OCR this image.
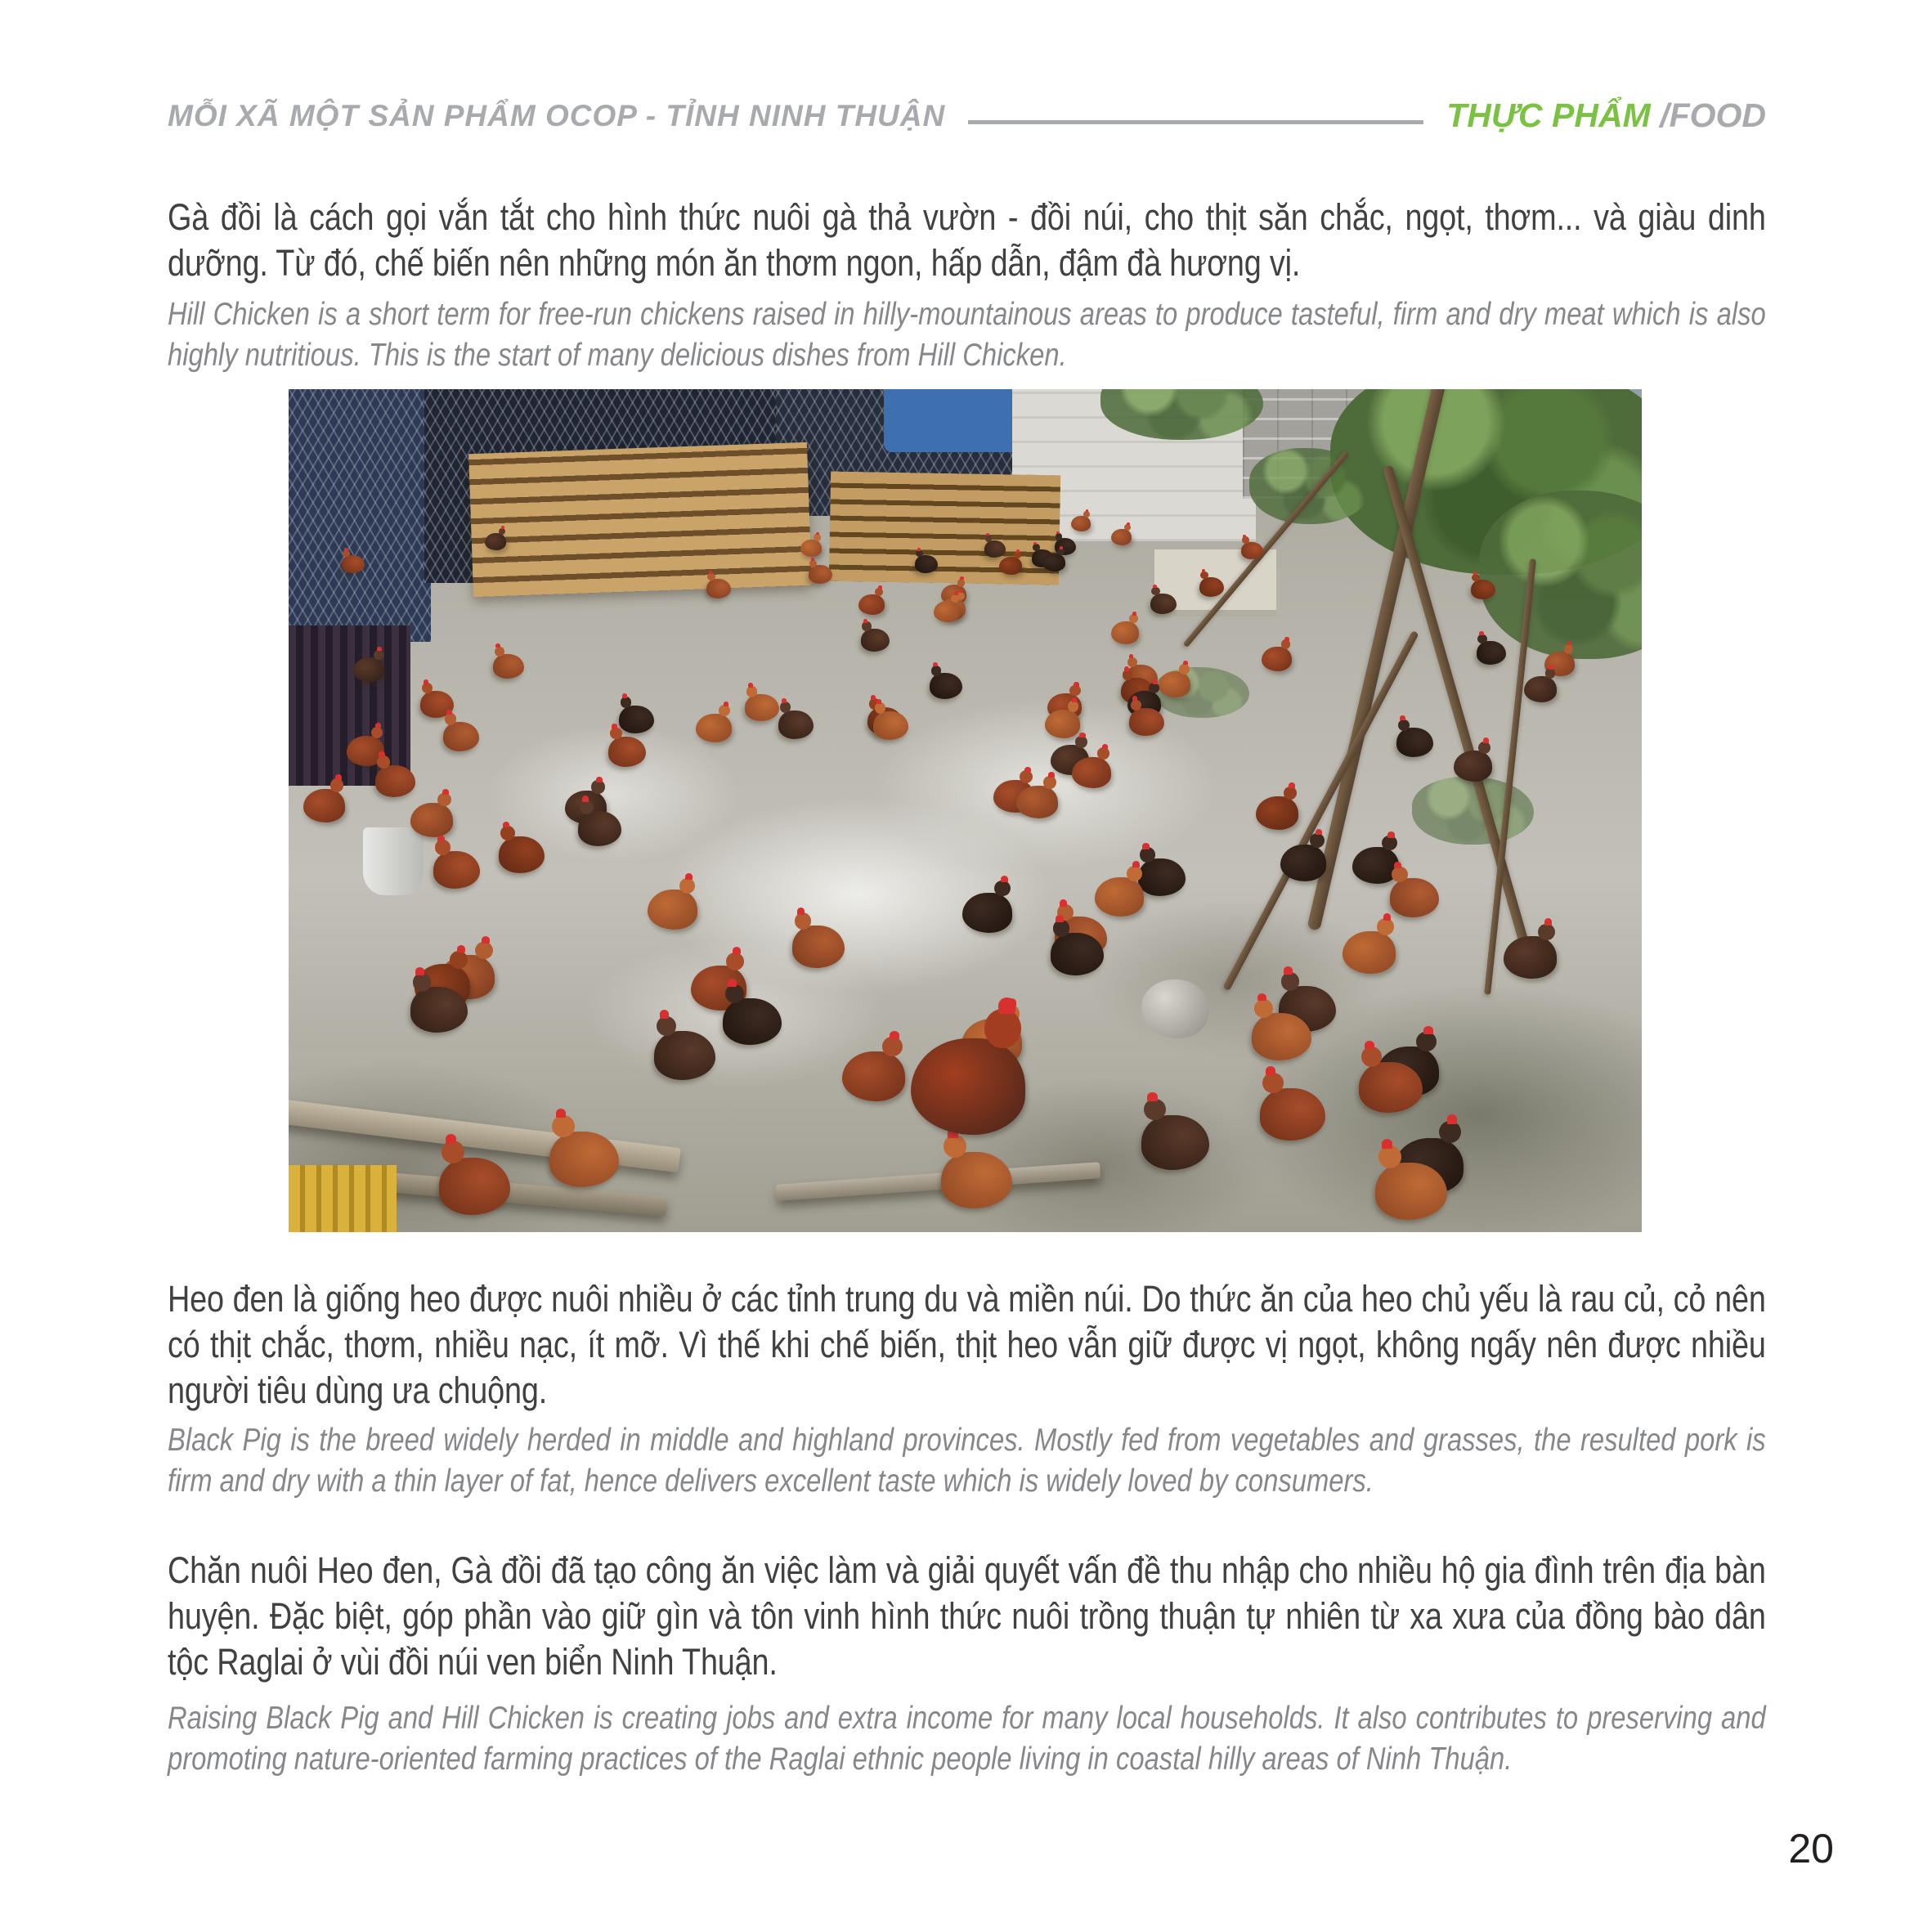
MỖI XÃ MỘT SẢN PHẨM OCOP - TỈNH NINH THUẬN	THỰC PHẨM /FOOD

Gà đồi là cách gọi vắn tắt cho hình thức nuôi gà thả vườn - đồi núi, cho thịt săn chắc, ngọt, thơm... và giàu dinh dưỡng. Từ đó, chế biến nên những món ăn thơm ngon, hấp dẫn, đậm đà hương vị.

Hill Chicken is a short term for free-run chickens raised in hilly-mountainous areas to produce tasteful, firm and dry meat which is also highly nutritious. This is the start of many delicious dishes from Hill Chicken.

Heo đen là giống heo được nuôi nhiều ở các tỉnh trung du và miền núi. Do thức ăn của heo chủ yếu là rau củ, cỏ nên có thịt chắc, thơm, nhiều nạc, ít mỡ. Vì thế khi chế biến, thịt heo vẫn giữ được vị ngọt, không ngấy nên được nhiều người tiêu dùng ưa chuộng.

Black Pig is the breed widely herded in middle and highland provinces. Mostly fed from vegetables and grasses, the resulted pork is firm and dry with a thin layer of fat, hence delivers excellent taste which is widely loved by consumers.

Chăn nuôi Heo đen, Gà đồi đã tạo công ăn việc làm và giải quyết vấn đề thu nhập cho nhiều hộ gia đình trên địa bàn huyện. Đặc biệt, góp phần vào giữ gìn và tôn vinh hình thức nuôi trồng thuận tự nhiên từ xa xưa của đồng bào dân tộc Raglai ở vùi đồi núi ven biển Ninh Thuận.

Raising Black Pig and Hill Chicken is creating jobs and extra income for many local households. It also contributes to preserving and promoting nature-oriented farming practices of the Raglai ethnic people living in coastal hilly areas of Ninh Thuận.

20
